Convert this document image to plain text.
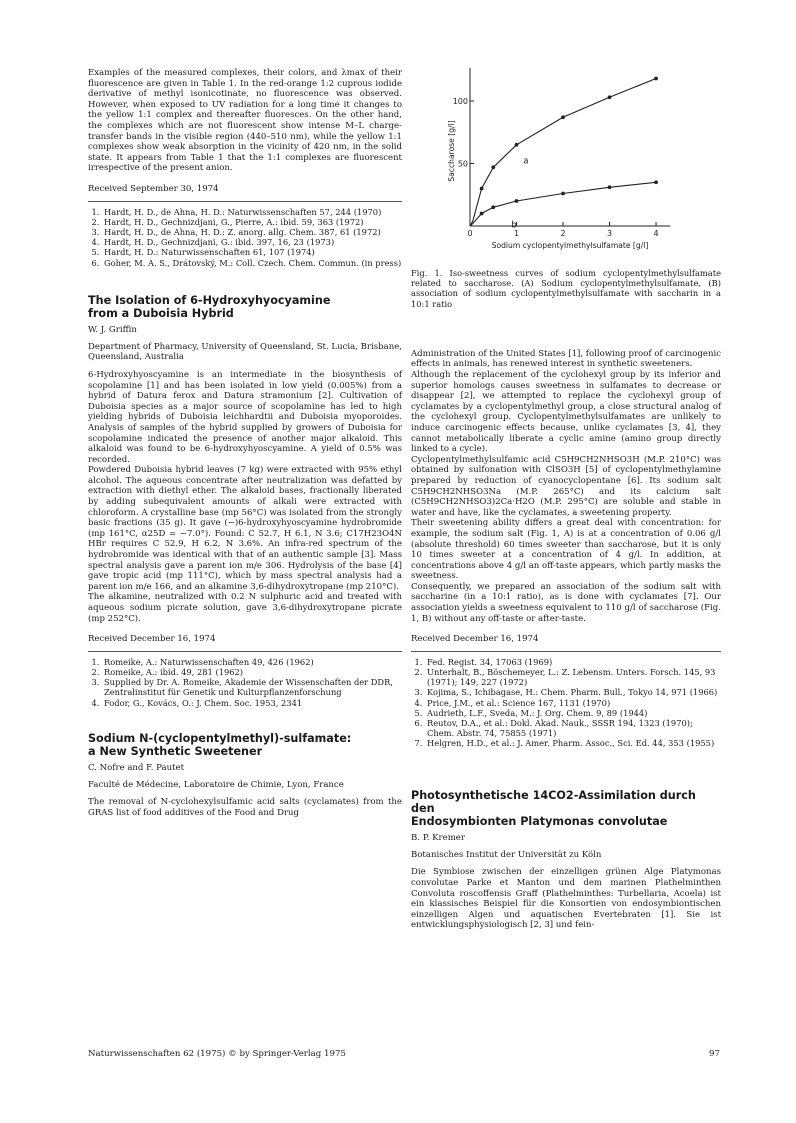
Examples of the measured complexes, their colors, and λmax of their fluorescence are given in Table 1. In the red-orange 1:2 cuprous iodide derivative of methyl isonicotinate, no fluorescence was observed. However, when exposed to UV radiation for a long time it changes to the yellow 1:1 complex and thereafter fluoresces. On the other hand, the complexes which are not fluorescent show intense M–L charge-transfer bands in the visible region (440–510 nm), while the yellow 1:1 complexes show weak absorption in the vicinity of 420 nm, in the solid state. It appears from Table 1 that the 1:1 complexes are fluorescent irrespective of the present anion.

Received September 30, 1974

1. Hardt, H. D., de Ahna, H. D.: Naturwissenschaften 57, 244 (1970)
2. Hardt, H. D., Gechnizdjani, G., Pierre, A.: ibid. 59, 363 (1972)
3. Hardt, H. D., de Ahna, H. D.: Z. anorg. allg. Chem. 387, 61 (1972)
4. Hardt, H. D., Gechnizdjani, G.: ibid. 397, 16, 23 (1973)
5. Hardt, H. D.: Naturwissenschaften 61, 107 (1974)
6. Goher, M. A. S., Drátovský, M.: Coll. Czech. Chem. Commun. (in press)
The Isolation of 6-Hydroxyhyocyamine
from a Duboisia Hybrid

W. J. Griffin

Department of Pharmacy, University of Queensland, St. Lucia, Brisbane, Queensland, Australia

6-Hydroxyhyoscyamine is an intermediate in the biosynthesis of scopolamine [1] and has been isolated in low yield (0.005%) from a hybrid of Datura ferox and Datura stramonium [2]. Cultivation of Duboisia species as a major source of scopolamine has led to high yielding hybrids of Duboisia leichhardtii and Duboisia myoporoides. Analysis of samples of the hybrid supplied by growers of Duboisia for scopolamine indicated the presence of another major alkaloid. This alkaloid was found to be 6-hydroxyhyoscyamine. A yield of 0.5% was recorded.

Powdered Duboisia hybrid leaves (7 kg) were extracted with 95% ethyl alcohol. The aqueous concentrate after neutralization was defatted by extraction with diethyl ether. The alkaloid bases, fractionally liberated by adding subequivalent amounts of alkali were extracted with chloroform. A crystalline base (mp 56°C) was isolated from the strongly basic fractions (35 g). It gave (−)6-hydroxyhyoscyamine hydrobromide (mp 161°C, α25D = −7.0°). Found: C 52.7, H 6.1, N 3.6; C17H23O4N HBr requires C 52.9, H 6.2, N 3.6%. An infra-red spectrum of the hydrobromide was identical with that of an authentic sample [3]. Mass spectral analysis gave a parent ion m/e 306. Hydrolysis of the base [4] gave tropic acid (mp 111°C), which by mass spectral analysis had a parent ion m/e 166, and an alkamine 3,6-dihydroxytropane (mp 210°C).

The alkamine, neutralized with 0.2 N sulphuric acid and treated with aqueous sodium picrate solution, gave 3,6-dihydroxytropane picrate (mp 252°C).

Received December 16, 1974

1. Romeike, A.: Naturwissenschaften 49, 426 (1962)
2. Romeike, A.: ibid. 49, 281 (1962)
3. Supplied by Dr. A. Romeike, Akademie der Wissenschaften der DDR, Zentralinstitut für Genetik und Kulturpflanzenforschung
4. Fodor, G., Kovács, O.: J. Chem. Soc. 1953, 2341
Sodium N-(cyclopentylmethyl)-sulfamate:
a New Synthetic Sweetener

C. Nofre and F. Pautet

Faculté de Médecine, Laboratoire de Chimie, Lyon, France

The removal of N-cyclohexylsulfamic acid salts (cyclamates) from the GRAS list of food additives of the Food and Drug

0	1	2	3	4
50
100
Sodium cyclopentylmethylsulfamate [g/l]
Saccharose [g/l]	a
b

Fig. 1. Iso-sweetness curves of sodium cyclopentylmethylsulfamate related to saccharose. (A) Sodium cyclopentylmethylsulfamate, (B) association of sodium cyclopentylmethylsulfamate with saccharin in a 10:1 ratio

Administration of the United States [1], following proof of carcinogenic effects in animals, has renewed interest in synthetic sweeteners.

Although the replacement of the cyclohexyl group by its inferior and superior homologs causes sweetness in sulfamates to decrease or disappear [2], we attempted to replace the cyclohexyl group of cyclamates by a cyclopentylmethyl group, a close structural analog of the cyclohexyl group. Cyclopentylmethylsulfamates are unlikely to induce carcinogenic effects because, unlike cyclamates [3, 4], they cannot metabolically liberate a cyclic amine (amino group directly linked to a cycle).

Cyclopentylmethylsulfamic acid C5H9CH2NHSO3H (M.P. 210°C) was obtained by sulfonation with ClSO3H [5] of cyclopentylmethylamine prepared by reduction of cyanocyclopentane [6]. Its sodium salt C5H9CH2NHSO3Na (M.P. 265°C) and its calcium salt (C5H9CH2NHSO3)2Ca·H2O (M.P. 295°C) are soluble and stable in water and have, like the cyclamates, a sweetening property.

Their sweetening ability differs a great deal with concentration: for example, the sodium salt (Fig. 1, A) is at a concentration of 0.06 g/l (absolute threshold) 60 times sweeter than saccharose, but it is only 10 times sweeter at a concentration of 4 g/l. In addition, at concentrations above 4 g/l an off-taste appears, which partly masks the sweetness.

Consequently, we prepared an association of the sodium salt with saccharine (in a 10:1 ratio), as is done with cyclamates [7]. Our association yields a sweetness equivalent to 110 g/l of saccharose (Fig. 1, B) without any off-taste or after-taste.

Received December 16, 1974

1. Fed. Regist. 34, 17063 (1969)
2. Unterhalt, B., Böschemeyer, L.: Z. Lebensm. Unters. Forsch. 145, 93 (1971); 149, 227 (1972)
3. Kojima, S., Ichibagase, H.: Chem. Pharm. Bull., Tokyo 14, 971 (1966)
4. Price, J.M., et al.: Science 167, 1131 (1970)
5. Audrieth, L.F., Sveda, M.: J. Org. Chem. 9, 89 (1944)
6. Reutov, D.A., et al.: Dokl. Akad. Nauk., SSSR 194, 1323 (1970); Chem. Abstr. 74, 75855 (1971)
7. Helgren, H.D., et al.: J. Amer. Pharm. Assoc., Sci. Ed. 44, 353 (1955)
Photosynthetische 14CO2-Assimilation durch den
Endosymbionten Platymonas convolutae

B. P. Kremer

Botanisches Institut der Universität zu Köln

Die Symbiose zwischen der einzelligen grünen Alge Platymonas convolutae Parke et Manton und dem marinen Plathelminthen Convoluta roscoffensis Graff (Plathelminthes: Turbellaria, Acoela) ist ein klassisches Beispiel für die Konsortien von endosymbiontischen einzelligen Algen und aquatischen Evertebraten [1]. Sie ist entwicklungsphysiologisch [2, 3] und fein-

Naturwissenschaften 62 (1975) © by Springer-Verlag 1975	97
